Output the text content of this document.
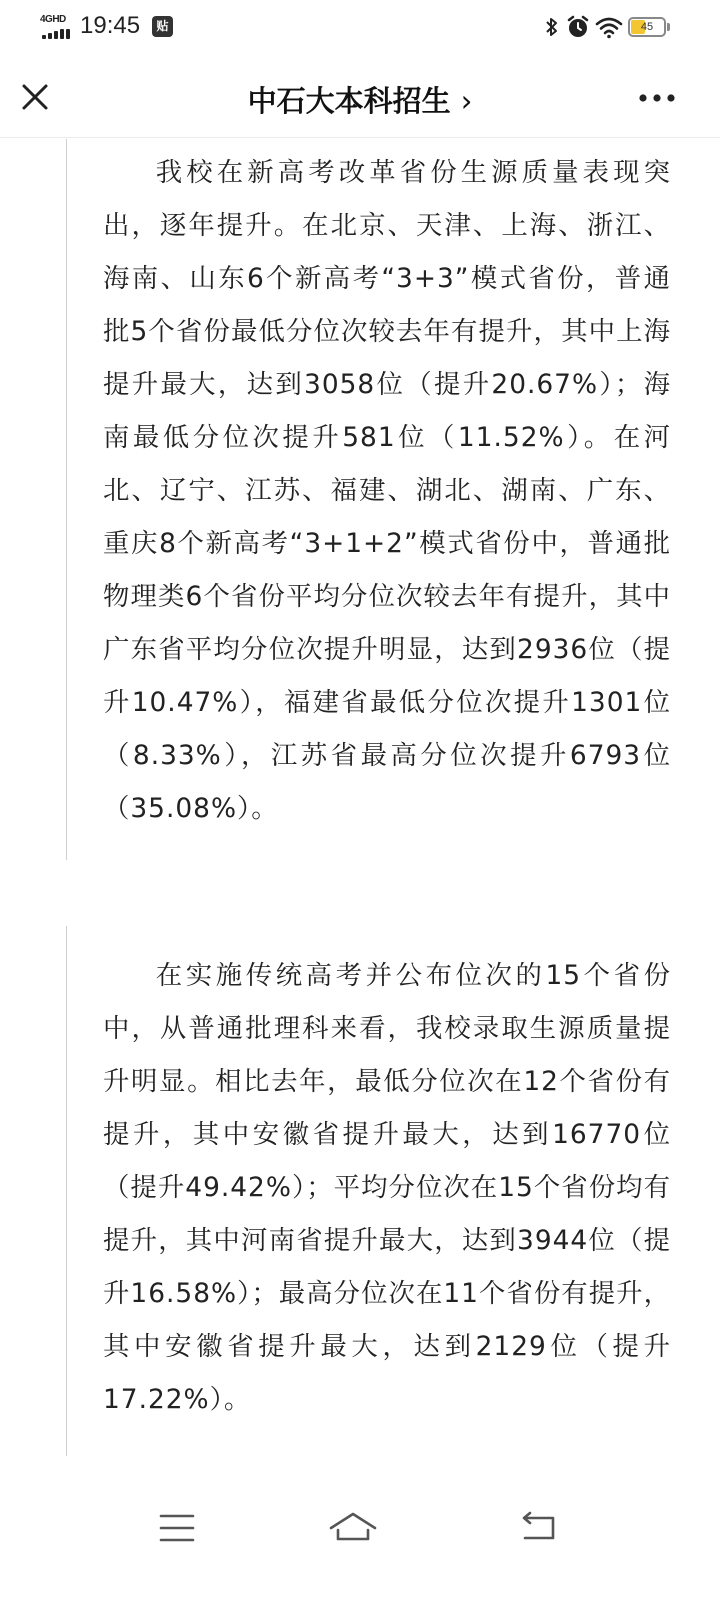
4GHD 19:45	贴	45
中石大本科招生 ›

我校在新高考改革省份生源质量表现突出，逐年提升。在北京、天津、上海、浙江、海南、山东6个新高考“3+3”模式省份，普通批5个省份最低分位次较去年有提升，其中上海提升最大，达到3058位（提升20.67%）；海南最低分位次提升581位（11.52%）。在河北、辽宁、江苏、福建、湖北、湖南、广东、重庆8个新高考“3+1+2”模式省份中，普通批物理类6个省份平均分位次较去年有提升，其中广东省平均分位次提升明显，达到2936位（提升10.47%），福建省最低分位次提升1301位（8.33%），江苏省最高分位次提升6793位（35.08%）。

在实施传统高考并公布位次的15个省份中，从普通批理科来看，我校录取生源质量提升明显。相比去年，最低分位次在12个省份有提升，其中安徽省提升最大，达到16770位（提升49.42%）；平均分位次在15个省份均有提升，其中河南省提升最大，达到3944位（提升16.58%）；最高分位次在11个省份有提升，其中安徽省提升最大，达到2129位（提升17.22%）。
